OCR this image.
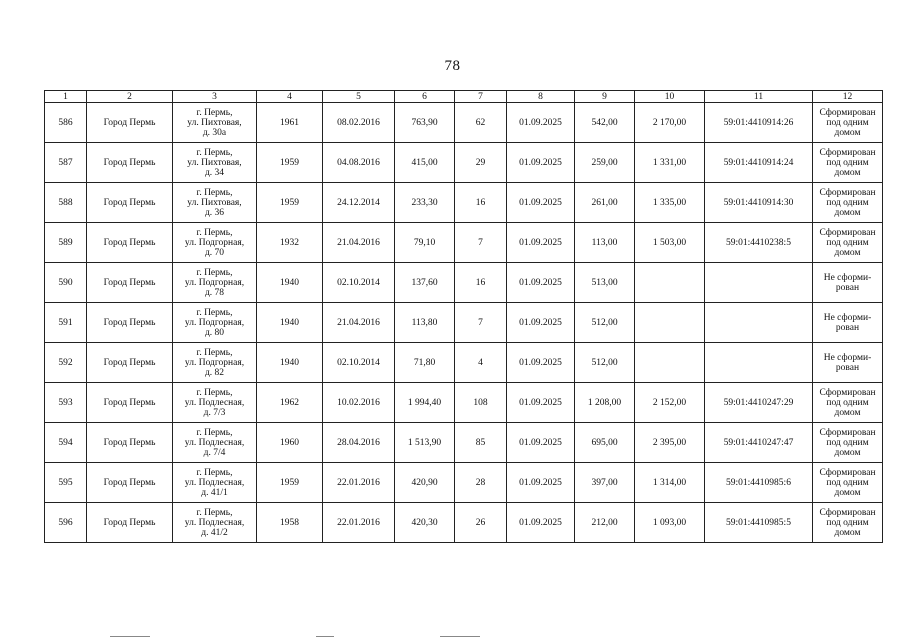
78
1	2	3	4	5	6	7	8	9	10	11	12
586	Город Пермь	г. Пермь,
ул. Пихтовая,
д. 30а	1961	08.02.2016	763,90	62	01.09.2025	542,00	2 170,00	59:01:4410914:26	Сформирован
под одним
домом

587	Город Пермь	г. Пермь,
ул. Пихтовая,
д. 34	1959	04.08.2016	415,00	29	01.09.2025	259,00	1 331,00	59:01:4410914:24	Сформирован
под одним
домом

588	Город Пермь	г. Пермь,
ул. Пихтовая,
д. 36	1959	24.12.2014	233,30	16	01.09.2025	261,00	1 335,00	59:01:4410914:30	Сформирован
под одним
домом

589	Город Пермь	г. Пермь,
ул. Подгорная,
д. 70	1932	21.04.2016	79,10	7	01.09.2025	113,00	1 503,00	59:01:4410238:5	Сформирован
под одним
домом

590	Город Пермь	г. Пермь,
ул. Подгорная,
д. 78	1940	02.10.2014	137,60	16	01.09.2025	513,00			Не сформи-
рован

591	Город Пермь	г. Пермь,
ул. Подгорная,
д. 80	1940	21.04.2016	113,80	7	01.09.2025	512,00			Не сформи-
рован

592	Город Пермь	г. Пермь,
ул. Подгорная,
д. 82	1940	02.10.2014	71,80	4	01.09.2025	512,00			Не сформи-
рован

593	Город Пермь	г. Пермь,
ул. Подлесная,
д. 7/3	1962	10.02.2016	1 994,40	108	01.09.2025	1 208,00	2 152,00	59:01:4410247:29	Сформирован
под одним
домом

594	Город Пермь	г. Пермь,
ул. Подлесная,
д. 7/4	1960	28.04.2016	1 513,90	85	01.09.2025	695,00	2 395,00	59:01:4410247:47	Сформирован
под одним
домом

595	Город Пермь	г. Пермь,
ул. Подлесная,
д. 41/1	1959	22.01.2016	420,90	28	01.09.2025	397,00	1 314,00	59:01:4410985:6	Сформирован
под одним
домом

596	Город Пермь	г. Пермь,
ул. Подлесная,
д. 41/2	1958	22.01.2016	420,30	26	01.09.2025	212,00	1 093,00	59:01:4410985:5	Сформирован
под одним
домом
